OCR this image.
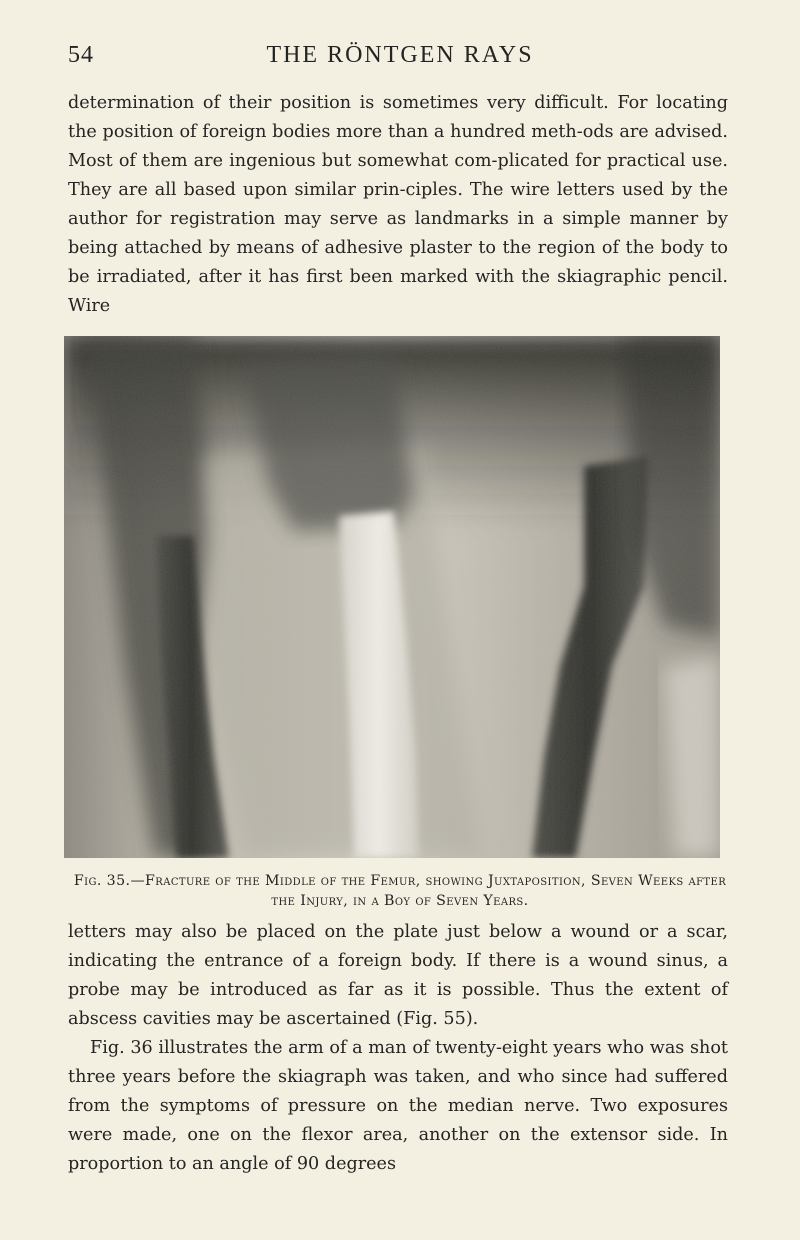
54	THE RÖNTGEN RAYS

determination of their position is sometimes very difficult. For locating the position of foreign bodies more than a hundred meth-ods are advised. Most of them are ingenious but somewhat com-plicated for practical use. They are all based upon similar prin-ciples. The wire letters used by the author for registration may serve as landmarks in a simple manner by being attached by means of adhesive plaster to the region of the body to be irradiated, after it has first been marked with the skiagraphic pencil. Wire

Fig. 35.—Fracture of the Middle of the Femur, showing Juxtaposition, Seven Weeks after the Injury, in a Boy of Seven Years.

letters may also be placed on the plate just below a wound or a scar, indicating the entrance of a foreign body. If there is a wound sinus, a probe may be introduced as far as it is possible. Thus the extent of abscess cavities may be ascertained (Fig. 55).

Fig. 36 illustrates the arm of a man of twenty-eight years who was shot three years before the skiagraph was taken, and who since had suffered from the symptoms of pressure on the median nerve. Two exposures were made, one on the flexor area, another on the extensor side. In proportion to an angle of 90 degrees
